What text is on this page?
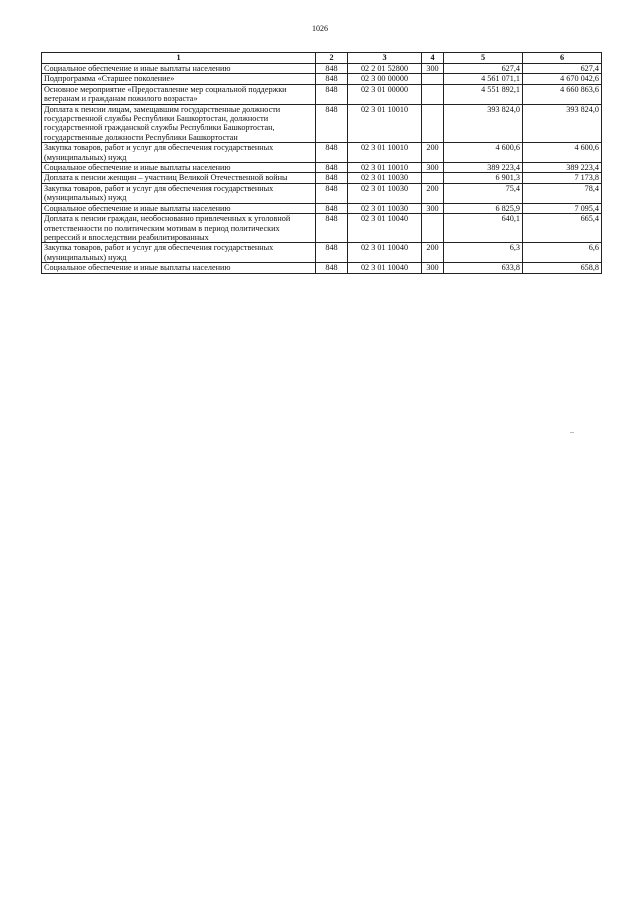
1026
1	2	3	4	5	6
Социальное обеспечение и иные выплаты населению	848	02 2 01 52800	300	627,4	627,4
Подпрограмма «Старшее поколение»	848	02 3 00 00000		4 561 071,1	4 670 042,6
Основное мероприятие «Предоставление мер социальной поддержки ветеранам и гражданам пожилого возраста»	848	02 3 01 00000		4 551 892,1	4 660 863,6
Доплата к пенсии лицам, замещавшим государственные должности государственной службы Республики Башкортостан, должности государственной гражданской службы Республики Башкортостан, государственные должности Республики Башкортостан	848	02 3 01 10010		393 824,0	393 824,0
Закупка товаров, работ и услуг для обеспечения государственных (муниципальных) нужд	848	02 3 01 10010	200	4 600,6	4 600,6
Социальное обеспечение и иные выплаты населению	848	02 3 01 10010	300	389 223,4	389 223,4
Доплата к пенсии женщин – участниц Великой Отечественной войны	848	02 3 01 10030		6 901,3	7 173,8
Закупка товаров, работ и услуг для обеспечения государственных (муниципальных) нужд	848	02 3 01 10030	200	75,4	78,4
Социальное обеспечение и иные выплаты населению	848	02 3 01 10030	300	6 825,9	7 095,4
Доплата к пенсии граждан, необоснованно привлеченных к уголовной ответственности по политическим мотивам в период политических репрессий и впоследствии реабилитированных	848	02 3 01 10040		640,1	665,4
Закупка товаров, работ и услуг для обеспечения государственных (муниципальных) нужд	848	02 3 01 10040	200	6,3	6,6
Социальное обеспечение и иные выплаты населению	848	02 3 01 10040	300	633,8	658,8
